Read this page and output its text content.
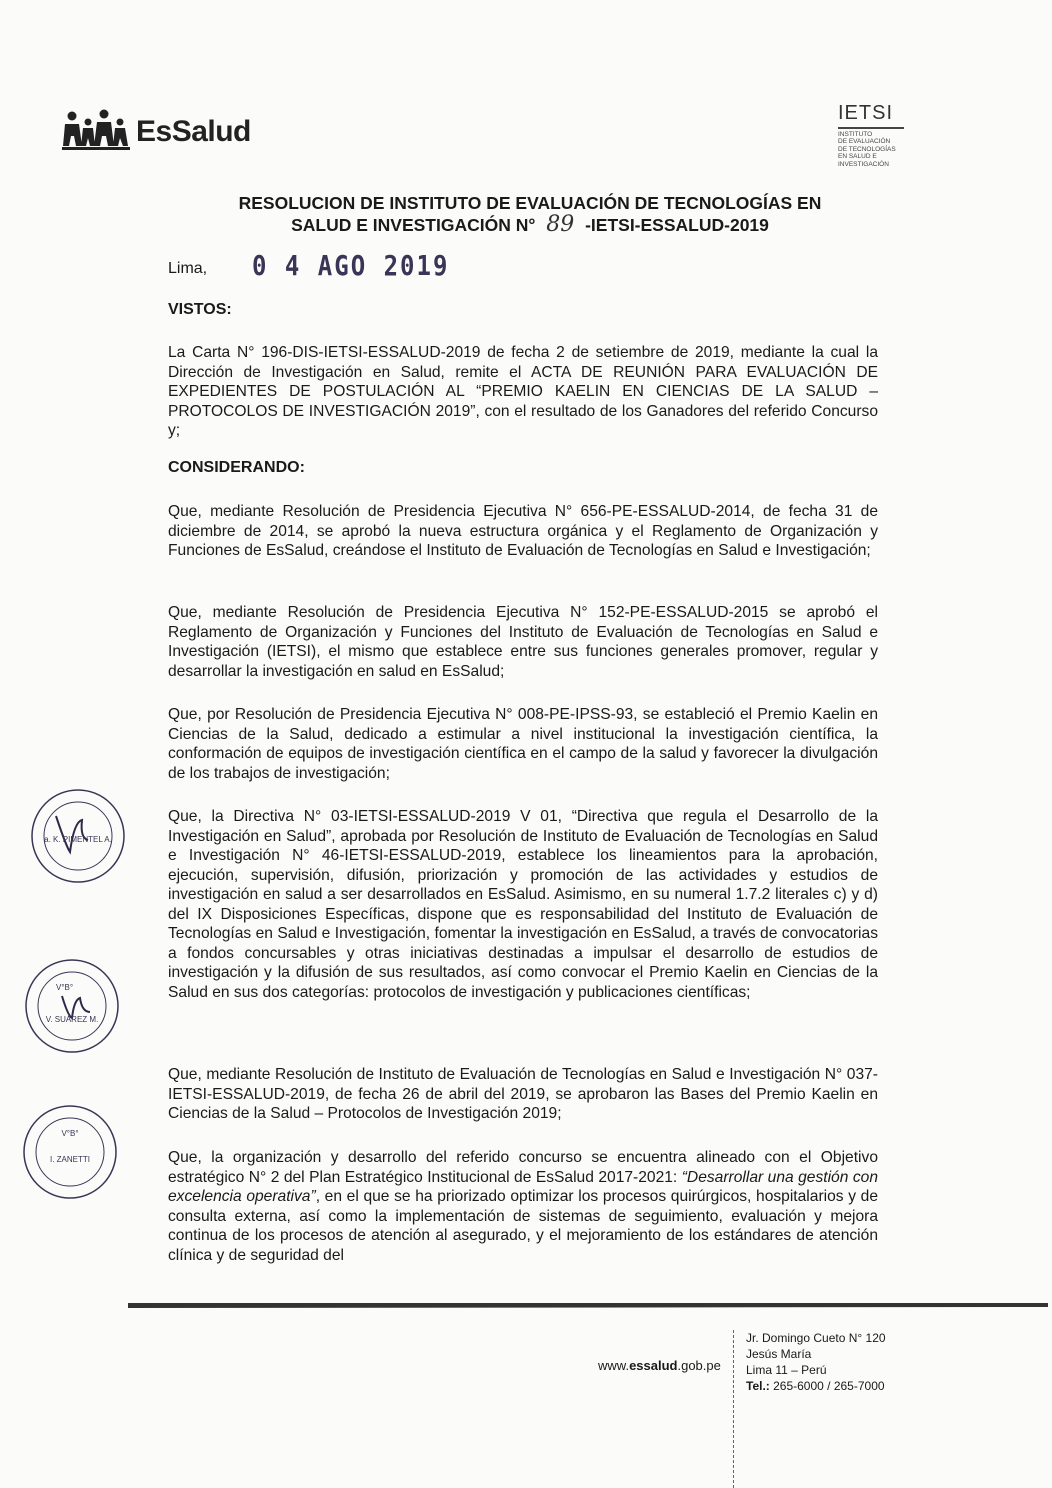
EsSalud
IETSI
INSTITUTO
DE EVALUACIÓN
DE TECNOLOGÍAS
EN SALUD E
INVESTIGACIÓN
RESOLUCION DE INSTITUTO DE EVALUACIÓN DE TECNOLOGÍAS EN
SALUD E INVESTIGACIÓN N° 89 -IETSI-ESSALUD-2019
Lima, 0 4 AGO 2019
VISTOS:
La Carta N° 196-DIS-IETSI-ESSALUD-2019 de fecha 2 de setiembre de 2019, mediante la cual la Dirección de Investigación en Salud, remite el ACTA DE REUNIÓN PARA EVALUACIÓN DE EXPEDIENTES DE POSTULACIÓN AL “PREMIO KAELIN EN CIENCIAS DE LA SALUD – PROTOCOLOS DE INVESTIGACIÓN 2019”, con el resultado de los Ganadores del referido Concurso y;
CONSIDERANDO:
Que, mediante Resolución de Presidencia Ejecutiva N° 656-PE-ESSALUD-2014, de fecha 31 de diciembre de 2014, se aprobó la nueva estructura orgánica y el Reglamento de Organización y Funciones de EsSalud, creándose el Instituto de Evaluación de Tecnologías en Salud e Investigación;
Que, mediante Resolución de Presidencia Ejecutiva N° 152-PE-ESSALUD-2015 se aprobó el Reglamento de Organización y Funciones del Instituto de Evaluación de Tecnologías en Salud e Investigación (IETSI), el mismo que establece entre sus funciones generales promover, regular y desarrollar la investigación en salud en EsSalud;
Que, por Resolución de Presidencia Ejecutiva N° 008-PE-IPSS-93, se estableció el Premio Kaelin en Ciencias de la Salud, dedicado a estimular a nivel institucional la investigación científica, la conformación de equipos de investigación científica en el campo de la salud y favorecer la divulgación de los trabajos de investigación;
Que, la Directiva N° 03-IETSI-ESSALUD-2019 V 01, “Directiva que regula el Desarrollo de la Investigación en Salud”, aprobada por Resolución de Instituto de Evaluación de Tecnologías en Salud e Investigación N° 46-IETSI-ESSALUD-2019, establece los lineamientos para la aprobación, ejecución, supervisión, difusión, priorización y promoción de las actividades y estudios de investigación en salud a ser desarrollados en EsSalud. Asimismo, en su numeral 1.7.2 literales c) y d) del IX Disposiciones Específicas, dispone que es responsabilidad del Instituto de Evaluación de Tecnologías en Salud e Investigación, fomentar la investigación en EsSalud, a través de convocatorias a fondos concursables y otras iniciativas destinadas a impulsar el desarrollo de estudios de investigación y la difusión de sus resultados, así como convocar el Premio Kaelin en Ciencias de la Salud en sus dos categorías: protocolos de investigación y publicaciones científicas;
Que, mediante Resolución de Instituto de Evaluación de Tecnologías en Salud e Investigación N° 037-IETSI-ESSALUD-2019, de fecha 26 de abril del 2019, se aprobaron las Bases del Premio Kaelin en Ciencias de la Salud – Protocolos de Investigación 2019;
Que, la organización y desarrollo del referido concurso se encuentra alineado con el Objetivo estratégico N° 2 del Plan Estratégico Institucional de EsSalud 2017-2021: “Desarrollar una gestión con excelencia operativa”, en el que se ha priorizado optimizar los procesos quirúrgicos, hospitalarios y de consulta externa, así como la implementación de sistemas de seguimiento, evaluación y mejora continua de los procesos de atención al asegurado, y el mejoramiento de los estándares de atención clínica y de seguridad del
a. K. PIMENTEL A.
V°B°
V. SUÁREZ M.
V°B°
I. ZANETTI
www.essalud.gob.pe
Jr. Domingo Cueto N° 120
Jesús María
Lima 11 – Perú
Tel.: 265-6000 / 265-7000
